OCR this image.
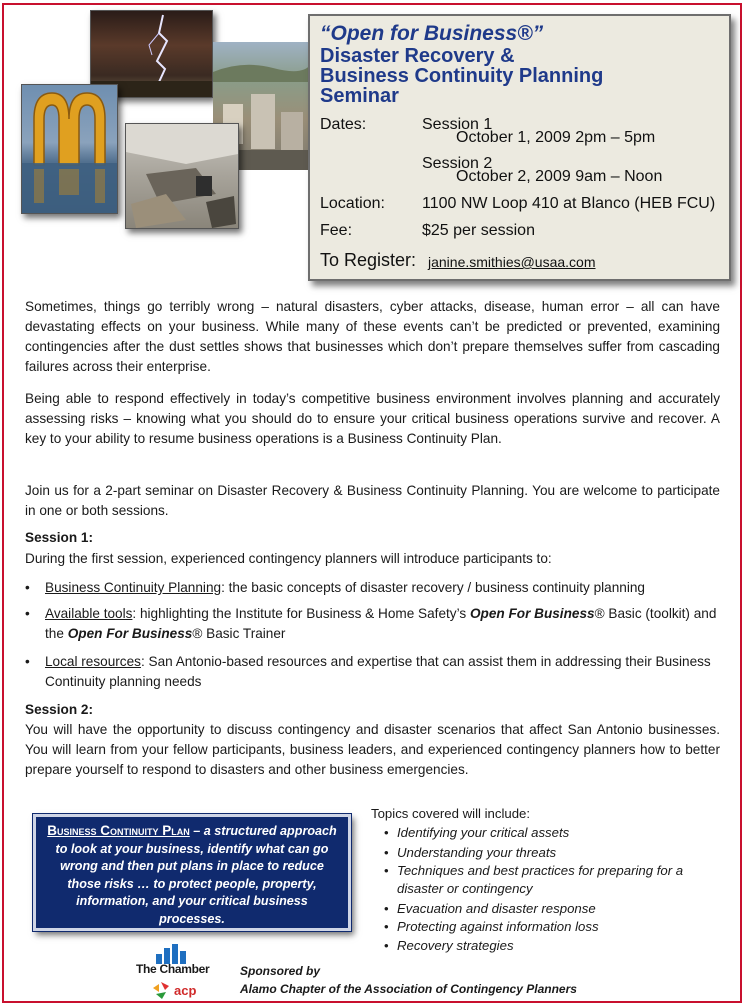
“Open for Business®”
Disaster Recovery &
Business Continuity Planning
Seminar
Dates:	Session 1
October 1, 2009 2pm – 5pm
Session 2
October 2, 2009 9am – Noon
Location: 1100 NW Loop 410 at Blanco (HEB FCU)
Fee:	$25 per session
To Register: janine.smithies@usaa.com
Sometimes, things go terribly wrong – natural disasters, cyber attacks, disease, human error – all can have devastating effects on your business. While many of these events can’t be predicted or prevented, examining contingencies after the dust settles shows that businesses which don’t prepare themselves suffer from cascading failures across their enterprise.
Being able to respond effectively in today’s competitive business environment involves planning and accurately assessing risks – knowing what you should do to ensure your critical business operations survive and recover. A key to your ability to resume business operations is a Business Continuity Plan.
Join us for a 2-part seminar on Disaster Recovery & Business Continuity Planning. You are welcome to participate in one or both sessions.
Session 1:
During the first session, experienced contingency planners will introduce participants to:
• Business Continuity Planning: the basic concepts of disaster recovery / business continuity planning
• Available tools: highlighting the Institute for Business & Home Safety’s Open For Business® Basic (toolkit) and the Open For Business® Basic Trainer
• Local resources: San Antonio-based resources and expertise that can assist them in addressing their Business Continuity planning needs
Session 2:
You will have the opportunity to discuss contingency and disaster scenarios that affect San Antonio businesses. You will learn from your fellow participants, business leaders, and experienced contingency planners how to better prepare yourself to respond to disasters and other business emergencies.
Business Continuity Plan – a structured approach to look at your business, identify what can go wrong and then put plans in place to reduce those risks … to protect people, property, information, and your critical business processes.
Topics covered will include:
• Identifying your critical assets
• Understanding your threats
• Techniques and best practices for preparing for a disaster or contingency
• Evacuation and disaster response
• Protecting against information loss
• Recovery strategies
The Chamber
acp
Sponsored by
Alamo Chapter of the Association of Contingency Planners
